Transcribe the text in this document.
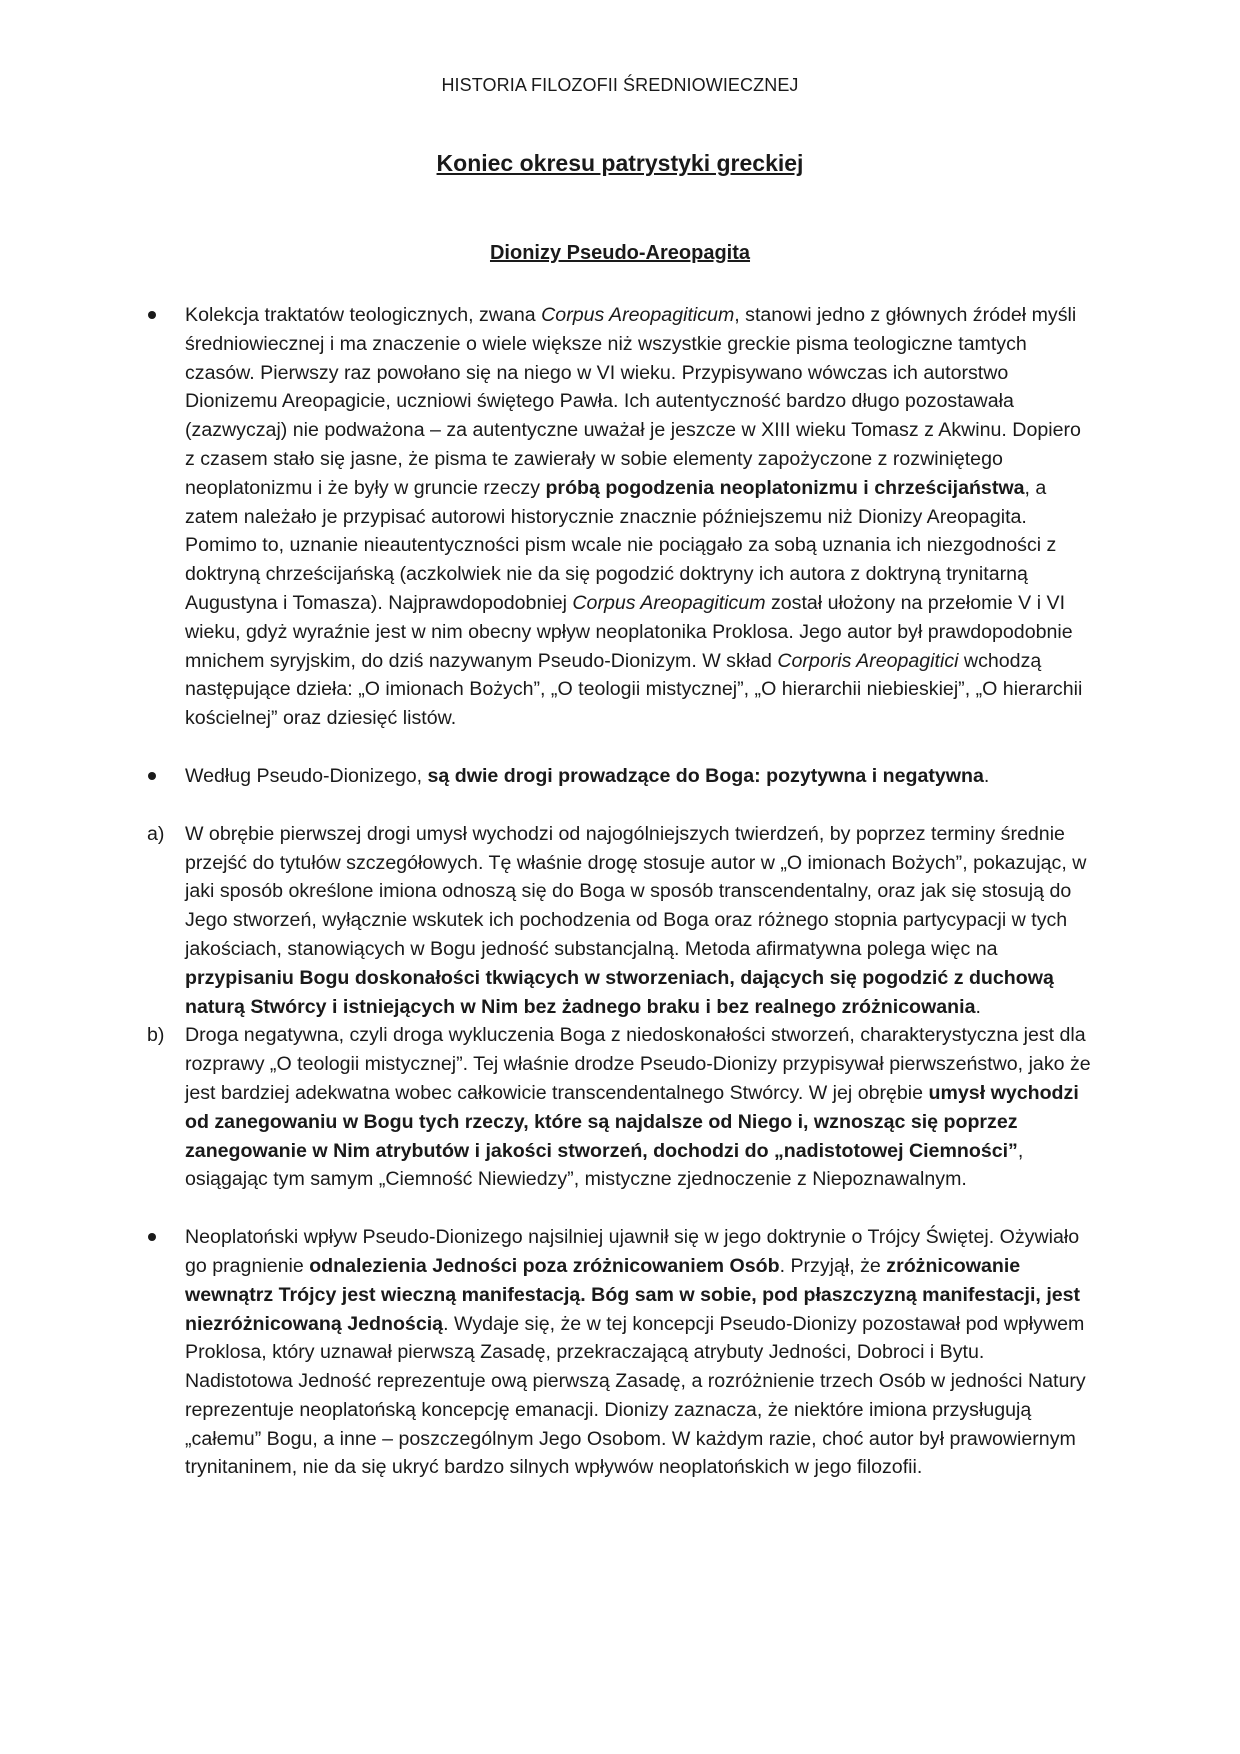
HISTORIA FILOZOFII ŚREDNIOWIECZNEJ
Koniec okresu patrystyki greckiej
Dionizy Pseudo-Areopagita
Kolekcja traktatów teologicznych, zwana Corpus Areopagiticum, stanowi jedno z głównych źródeł myśli średniowiecznej i ma znaczenie o wiele większe niż wszystkie greckie pisma teologiczne tamtych czasów. Pierwszy raz powołano się na niego w VI wieku. Przypisywano wówczas ich autorstwo Dionizemu Areopagicie, uczniowi świętego Pawła. Ich autentyczność bardzo długo pozostawała (zazwyczaj) nie podważona – za autentyczne uważał je jeszcze w XIII wieku Tomasz z Akwinu. Dopiero z czasem stało się jasne, że pisma te zawierały w sobie elementy zapożyczone z rozwiniętego neoplatonizmu i że były w gruncie rzeczy próbą pogodzenia neoplatonizmu i chrześcijaństwa, a zatem należało je przypisać autorowi historycznie znacznie późniejszemu niż Dionizy Areopagita. Pomimo to, uznanie nieautentyczności pism wcale nie pociągało za sobą uznania ich niezgodności z doktryną chrześcijańską (aczkolwiek nie da się pogodzić doktryny ich autora z doktryną trynitarną Augustyna i Tomasza). Najprawdopodobniej Corpus Areopagiticum został ułożony na przełomie V i VI wieku, gdyż wyraźnie jest w nim obecny wpływ neoplatonika Proklosa. Jego autor był prawdopodobnie mnichem syryjskim, do dziś nazywanym Pseudo-Dionizym. W skład Corporis Areopagitici wchodzą następujące dzieła: „O imionach Bożych”, „O teologii mistycznej”, „O hierarchii niebieskiej”, „O hierarchii kościelnej” oraz dziesięć listów.
Według Pseudo-Dionizego, są dwie drogi prowadzące do Boga: pozytywna i negatywna.
a) W obrębie pierwszej drogi umysł wychodzi od najogólniejszych twierdzeń, by poprzez terminy średnie przejść do tytułów szczegółowych. Tę właśnie drogę stosuje autor w „O imionach Bożych”, pokazując, w jaki sposób określone imiona odnoszą się do Boga w sposób transcendentalny, oraz jak się stosują do Jego stworzeń, wyłącznie wskutek ich pochodzenia od Boga oraz różnego stopnia partycypacji w tych jakościach, stanowiących w Bogu jedność substancjalną. Metoda afirmatywna polega więc na przypisaniu Bogu doskonałości tkwiących w stworzeniach, dających się pogodzić z duchową naturą Stwórcy i istniejących w Nim bez żadnego braku i bez realnego zróżnicowania.
b) Droga negatywna, czyli droga wykluczenia Boga z niedoskonałości stworzeń, charakterystyczna jest dla rozprawy „O teologii mistycznej”. Tej właśnie drodze Pseudo-Dionizy przypisywał pierwszeństwo, jako że jest bardziej adekwatna wobec całkowicie transcendentalnego Stwórcy. W jej obrębie umysł wychodzi od zanegowaniu w Bogu tych rzeczy, które są najdalsze od Niego i, wznosząc się poprzez zanegowanie w Nim atrybutów i jakości stworzeń, dochodzi do „nadistotowej Ciemności”, osiągając tym samym „Ciemność Niewiedzy”, mistyczne zjednoczenie z Niepoznawalnym.
Neoplatoński wpływ Pseudo-Dionizego najsilniej ujawnił się w jego doktrynie o Trójcy Świętej. Ożywiało go pragnienie odnalezienia Jedności poza zróżnicowaniem Osób. Przyjął, że zróżnicowanie wewnątrz Trójcy jest wieczną manifestacją. Bóg sam w sobie, pod płaszczyzną manifestacji, jest niezróżnicowaną Jednością. Wydaje się, że w tej koncepcji Pseudo-Dionizy pozostawał pod wpływem Proklosa, który uznawał pierwszą Zasadę, przekraczającą atrybuty Jedności, Dobroci i Bytu. Nadistotowa Jedność reprezentuje ową pierwszą Zasadę, a rozróżnienie trzech Osób w jedności Natury reprezentuje neoplatońską koncepcję emanacji. Dionizy zaznacza, że niektóre imiona przysługują „całemu” Bogu, a inne – poszczególnym Jego Osobom. W każdym razie, choć autor był prawowiernym trynitaninem, nie da się ukryć bardzo silnych wpływów neoplatońskich w jego filozofii.
